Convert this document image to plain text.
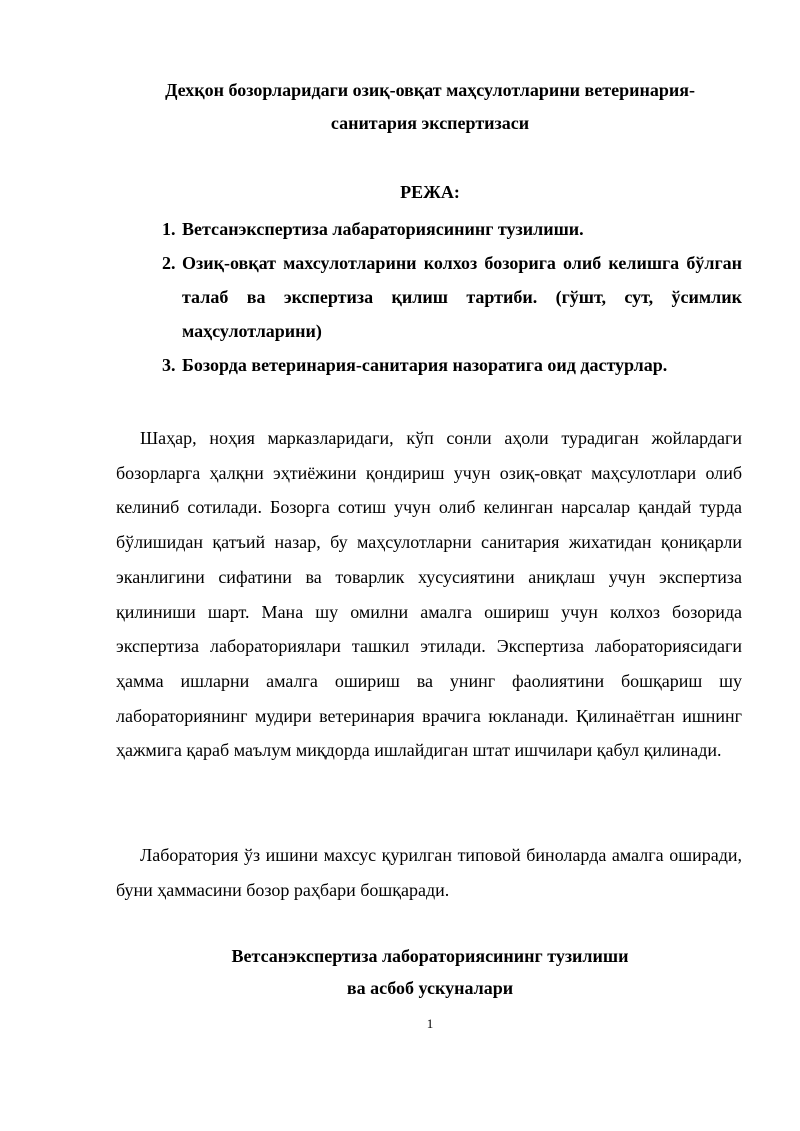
Дехқон бозорларидаги озиқ-овқат маҳсулотларини ветеринария-
санитария экспертизаси
РЕЖА:
1. Ветсанэкспертиза лабараториясининг тузилиши.
2. Озиқ-овқат махсулотларини колхоз бозорига олиб келишга бўлган талаб ва экспертиза қилиш тартиби. (гўшт, сут, ўсимлик маҳсулотларини)
3. Бозорда ветеринария-санитария назоратига оид дастурлар.

Шаҳар, ноҳия марказларидаги, кўп сонли аҳоли турадиган жойлардаги бозорларга ҳалқни эҳтиёжини қондириш учун озиқ-овқат маҳсулотлари олиб келиниб сотилади. Бозорга сотиш учун олиб келинган нарсалар қандай турда бўлишидан қатъий назар, бу маҳсулотларни санитария жихатидан қониқарли эканлигини сифатини ва товарлик хусусиятини аниқлаш учун экспертиза қилиниши шарт. Мана шу омилни амалга ошириш учун колхоз бозорида экспертиза лабораториялари ташкил этилади. Экспертиза лабораториясидаги ҳамма ишларни амалга ошириш ва унинг фаолиятини бошқариш шу лабораториянинг мудири ветеринария врачига юкланади. Қилинаётган ишнинг ҳажмига қараб маълум миқдорда ишлайдиган штат ишчилари қабул қилинади.

Лаборатория ўз ишини махсус қурилган типовой биноларда амалга оширади, буни ҳаммасини бозор раҳбари бошқаради.

Ветсанэкспертиза лабораториясининг тузилиши
ва асбоб ускуналари
1
